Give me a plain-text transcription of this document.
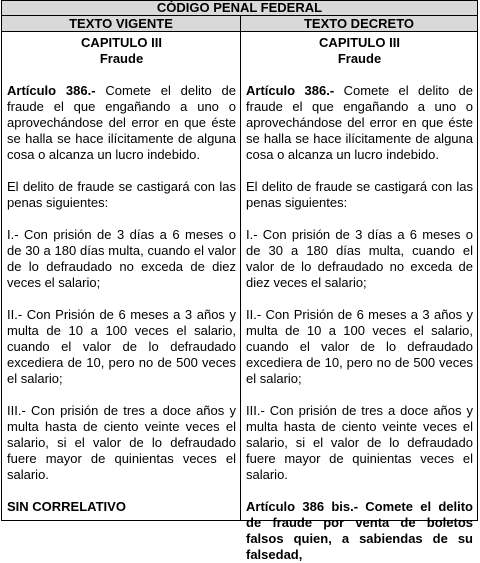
CÓDIGO PENAL FEDERAL
TEXTO VIGENTE	TEXTO DECRETO
CAPITULO III
Fraude

Artículo 386.- Comete el delito de fraude el que engañando a uno o aprovechándose del error en que éste se halla se hace ilícitamente de alguna cosa o alcanza un lucro indebido.

El delito de fraude se castigará con las penas siguientes:

I.- Con prisión de 3 días a 6 meses o de 30 a 180 días multa, cuando el valor de lo defraudado no exceda de diez veces el salario;

II.- Con Prisión de 6 meses a 3 años y multa de 10 a 100 veces el salario, cuando el valor de lo defraudado excediera de 10, pero no de 500 veces el salario;

III.- Con prisión de tres a doce años y multa hasta de ciento veinte veces el salario, si el valor de lo defraudado fuere mayor de quinientas veces el salario.

SIN CORRELATIVO

CAPITULO III
Fraude

Artículo 386.- Comete el delito de fraude el que engañando a uno o aprovechándose del error en que éste se halla se hace ilícitamente de alguna cosa o alcanza un lucro indebido.

El delito de fraude se castigará con las penas siguientes:

I.- Con prisión de 3 días a 6 meses o de 30 a 180 días multa, cuando el valor de lo defraudado no exceda de diez veces el salario;

II.- Con Prisión de 6 meses a 3 años y multa de 10 a 100 veces el salario, cuando el valor de lo defraudado excediera de 10, pero no de 500 veces el salario;

III.- Con prisión de tres a doce años y multa hasta de ciento veinte veces el salario, si el valor de lo defraudado fuere mayor de quinientas veces el salario.

Artículo 386 bis.- Comete el delito de fraude por venta de boletos falsos quien, a sabiendas de su falsedad,
